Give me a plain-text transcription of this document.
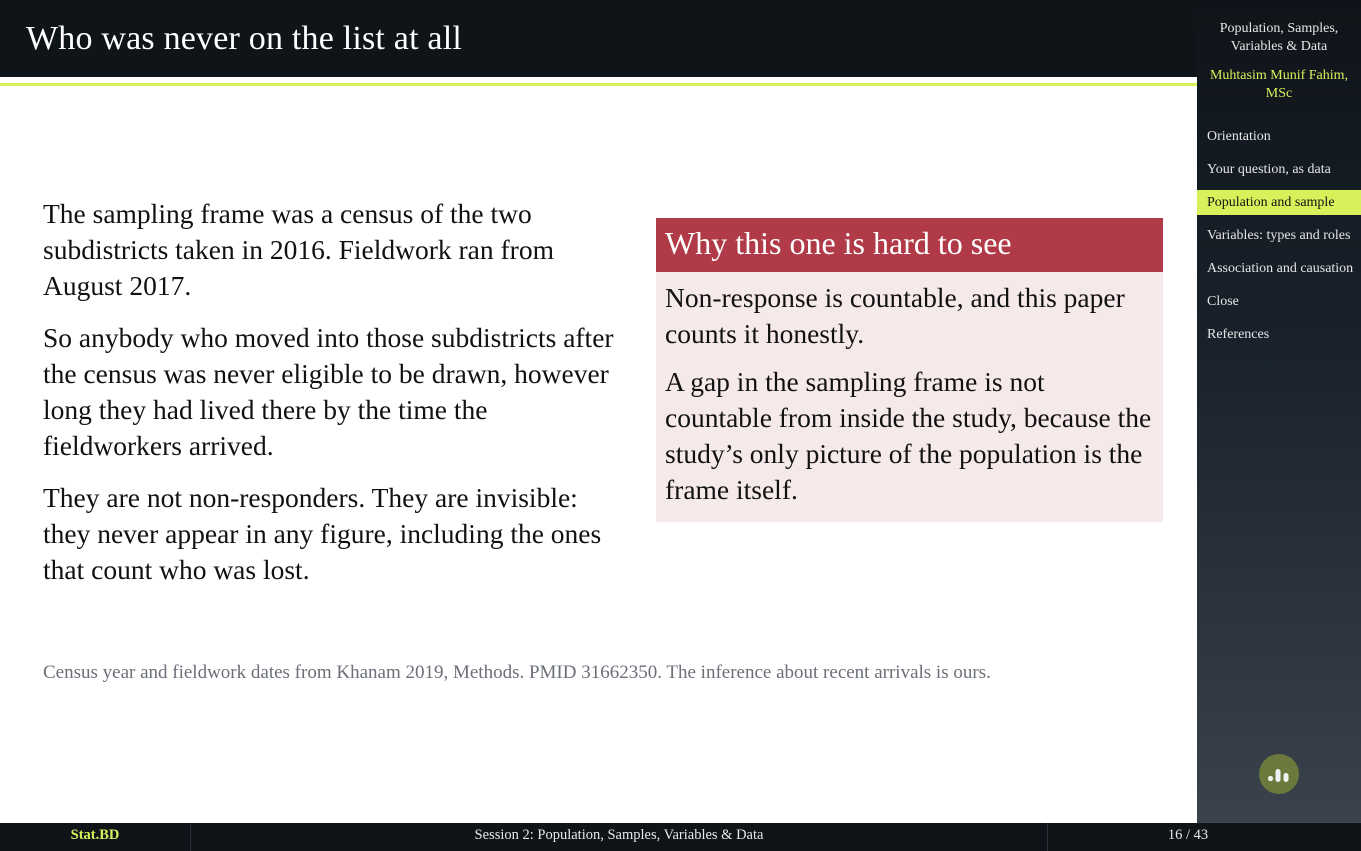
Who was never on the list at all

The sampling frame was a census of the two subdistricts taken in 2016. Fieldwork ran from August 2017.

So anybody who moved into those subdistricts after the census was never eligible to be drawn, however long they had lived there by the time the fieldworkers arrived.

They are not non-responders. They are invisible: they never appear in any figure, including the ones that count who was lost.

Why this one is hard to see

Non-response is countable, and this paper counts it honestly.

A gap in the sampling frame is not countable from inside the study, because the study’s only picture of the population is the frame itself.

Census year and fieldwork dates from Khanam 2019, Methods. PMID 31662350. The inference about recent arrivals is ours.
Population, Samples, Variables & Data
Muhtasim Munif Fahim, MSc
Orientation
Your question, as data
Population and sample
Variables: types and roles
Association and causation
Close
References
Stat.BD	Session 2: Population, Samples, Variables & Data	16 / 43
